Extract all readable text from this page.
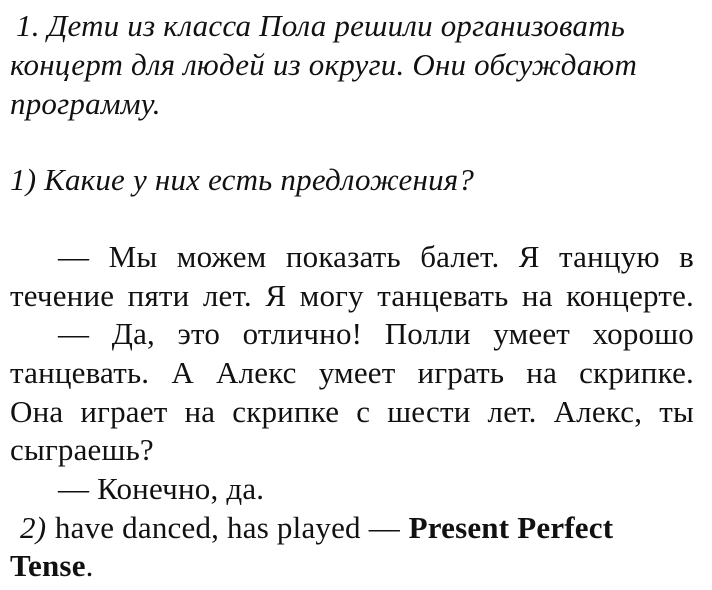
1. Дети из класса Пола решили организовать
концерт для людей из округи. Они обсуждают
программу.
1) Какие у них есть предложения?
— Мы можем показать балет. Я танцую в
течение пяти лет. Я могу танцевать на концерте.
— Да, это отлично! Полли умеет хорошо
танцевать. А Алекс умеет играть на скрипке.
Она играет на скрипке с шести лет. Алекс, ты
сыграешь?
— Конечно, да.
2) have danced, has played — Present Perfect
Tense.
